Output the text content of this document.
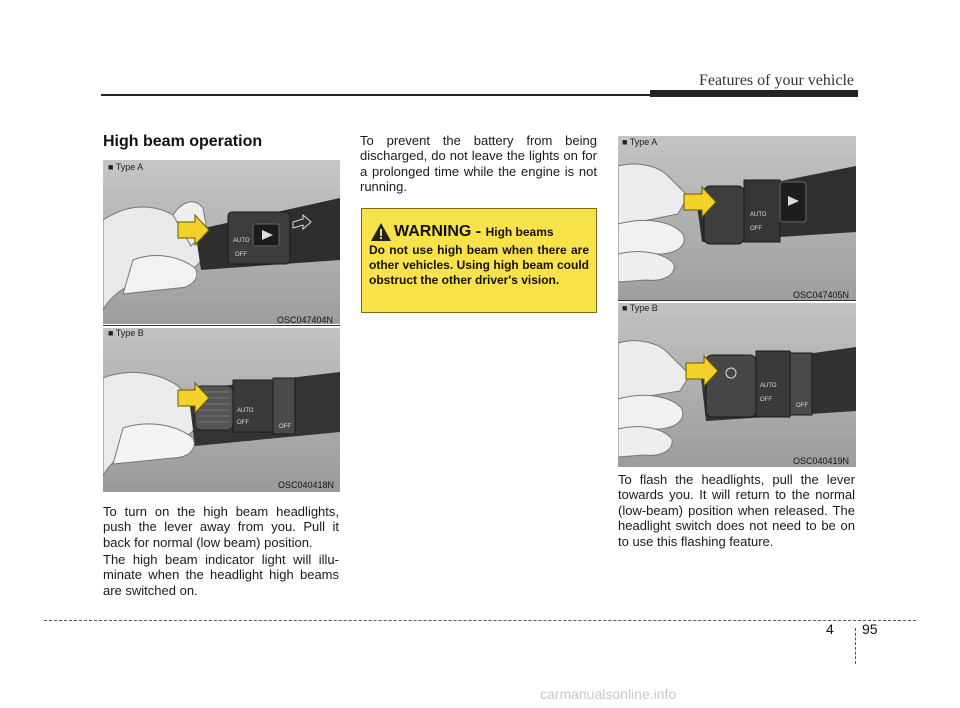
Features of your vehicle
High beam operation
AUTO
OFF
■ Type A
OSC047404N
AUTO
OFF
OFF
■ Type B
OSC040418N
To turn on the high beam headlights, push the lever away from you. Pull it back for normal (low beam) position.
The high beam indicator light will illuminate when the headlight high beams are switched on.
To prevent the battery from being discharged, do not leave the lights on for a prolonged time while the engine is not running.
WARNING - High beams
Do not use high beam when there are other vehicles. Using high beam could obstruct the other driver's vision.
AUTO
OFF
■ Type A
OSC047405N
AUTO
OFF
OFF
■ Type B
OSC040419N
To flash the headlights, pull the lever towards you. It will return to the normal (low-beam) position when released. The headlight switch does not need to be on to use this flashing feature.
4 95
carmanualsonline.info
